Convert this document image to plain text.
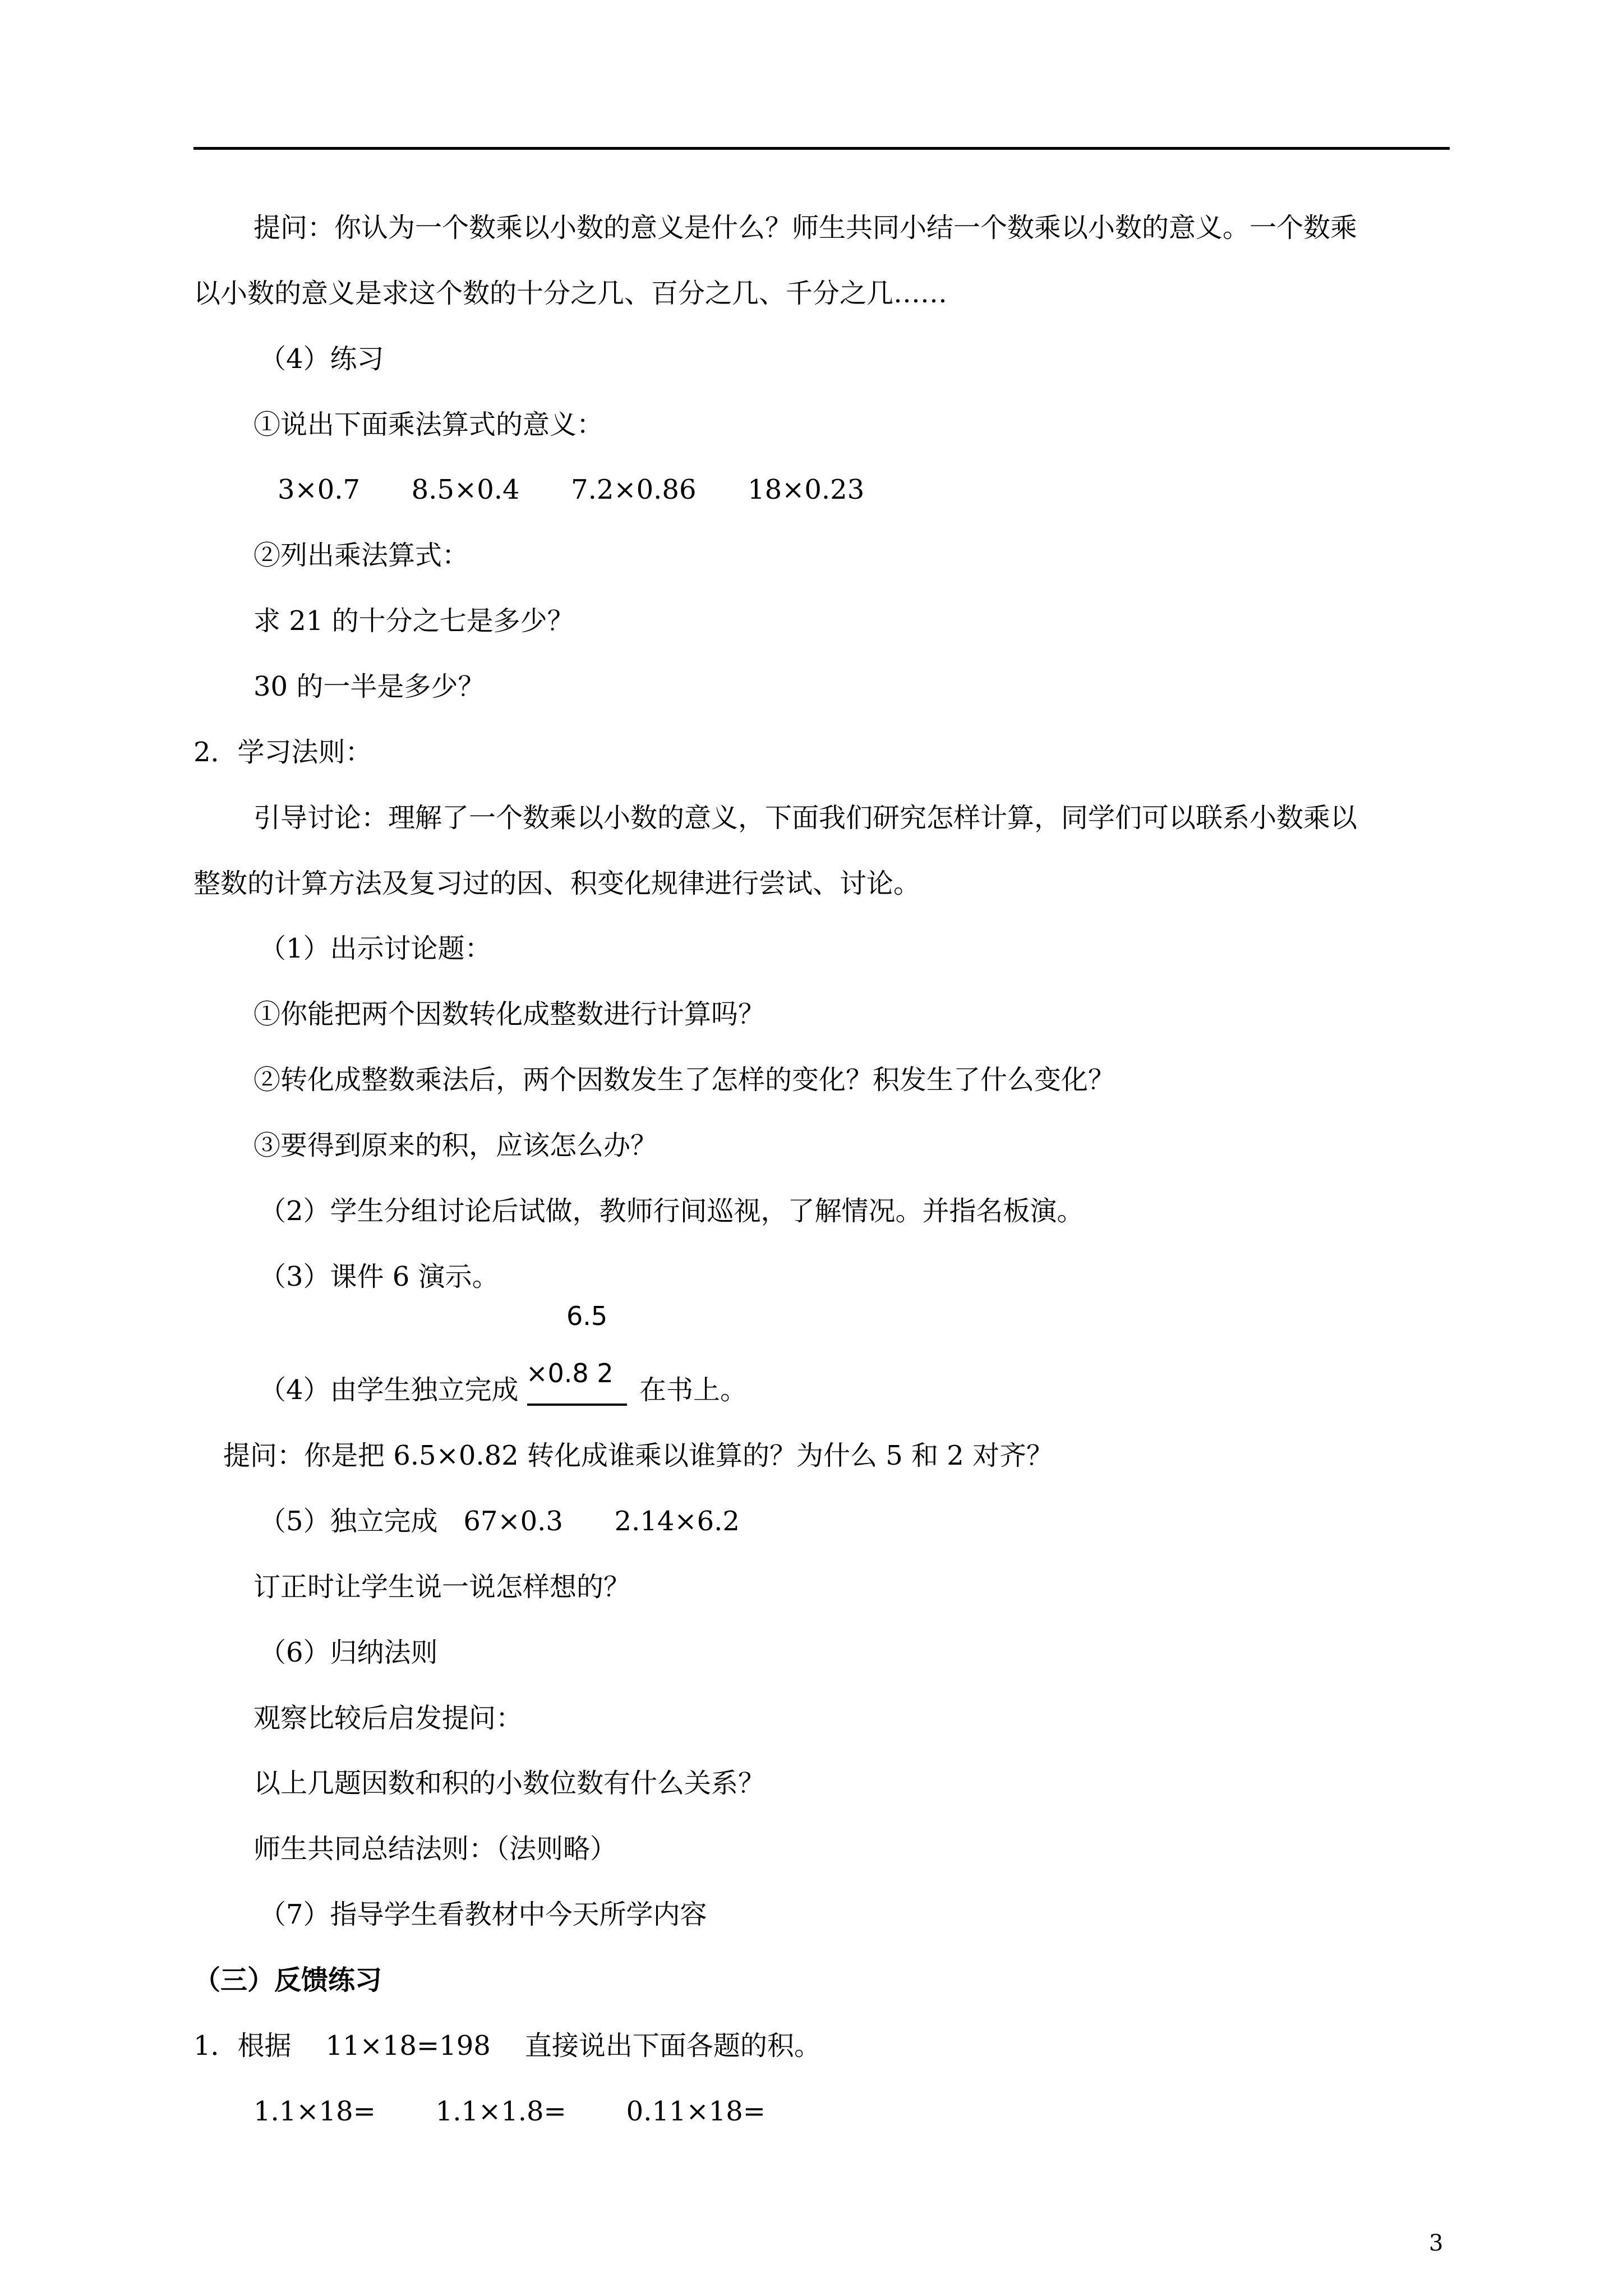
提问：你认为一个数乘以小数的意义是什么？师生共同小结一个数乘以小数的意义。一个数乘
以小数的意义是求这个数的十分之几、百分之几、千分之几……
（4）练习
①说出下面乘法算式的意义：
3×0.7      8.5×0.4      7.2×0.86      18×0.23
②列出乘法算式：
求 21 的十分之七是多少？
30 的一半是多少？
2．学习法则：
引导讨论：理解了一个数乘以小数的意义，下面我们研究怎样计算，同学们可以联系小数乘以
整数的计算方法及复习过的因、积变化规律进行尝试、讨论。
（1）出示讨论题：
①你能把两个因数转化成整数进行计算吗？
②转化成整数乘法后，两个因数发生了怎样的变化？积发生了什么变化？
③要得到原来的积，应该怎么办？
（2）学生分组讨论后试做，教师行间巡视，了解情况。并指名板演。
（3）课件 6 演示。
6.5
×0.8 2
（4）由学生独立完成	在书上。
提问：你是把 6.5×0.82 转化成谁乘以谁算的？为什么 5 和 2 对齐？
（5）独立完成   67×0.3      2.14×6.2
订正时让学生说一说怎样想的？
（6）归纳法则
观察比较后启发提问：
以上几题因数和积的小数位数有什么关系？
师生共同总结法则：（法则略）
（7）指导学生看教材中今天所学内容
（三）反馈练习
1．根据    11×18=198    直接说出下面各题的积。
1.1×18=       1.1×1.8=       0.11×18=
3
